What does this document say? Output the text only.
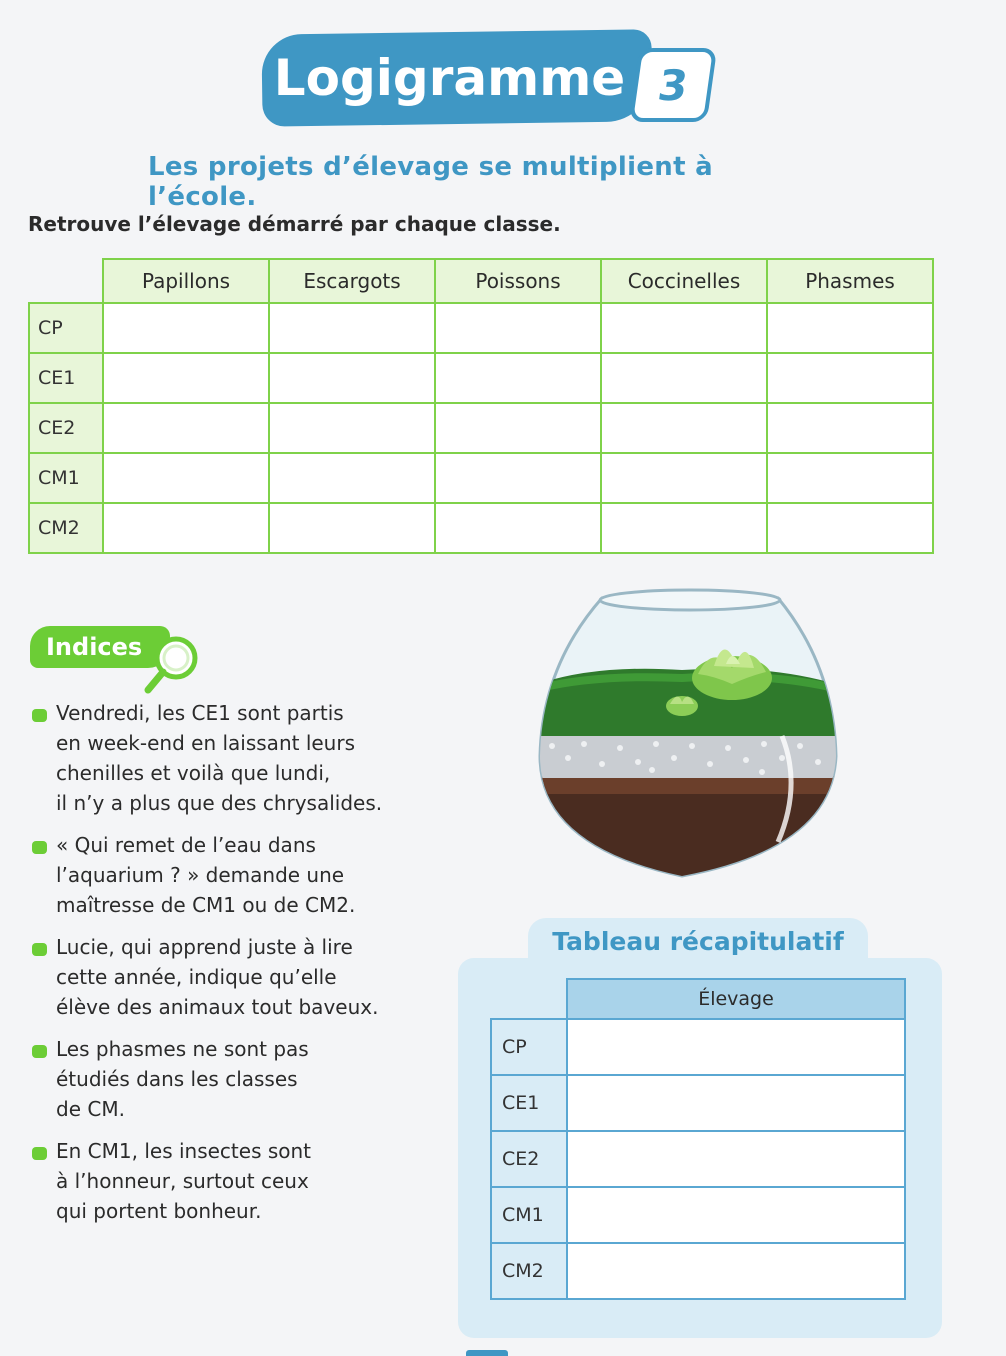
Logigramme 3
Les projets d’élevage se multiplient à l’école.
Retrouve l’élevage démarré par chaque classe.
	Papillons	Escargots	Poissons	Coccinelles	Phasmes
CP					
CE1					
CE2					
CM1					
CM2					
Indices
Vendredi, les CE1 sont partis
en week-end en laissant leurs
chenilles et voilà que lundi,
il n’y a plus que des chrysalides.
« Qui remet de l’eau dans
l’aquarium ? » demande une
maîtresse de CM1 ou de CM2.
Lucie, qui apprend juste à lire
cette année, indique qu’elle
élève des animaux tout baveux.
Les phasmes ne sont pas
étudiés dans les classes
de CM.
En CM1, les insectes sont
à l’honneur, surtout ceux
qui portent bonheur.
Tableau récapitulatif
	Élevage
CP	
CE1	
CE2	
CM1	
CM2	
